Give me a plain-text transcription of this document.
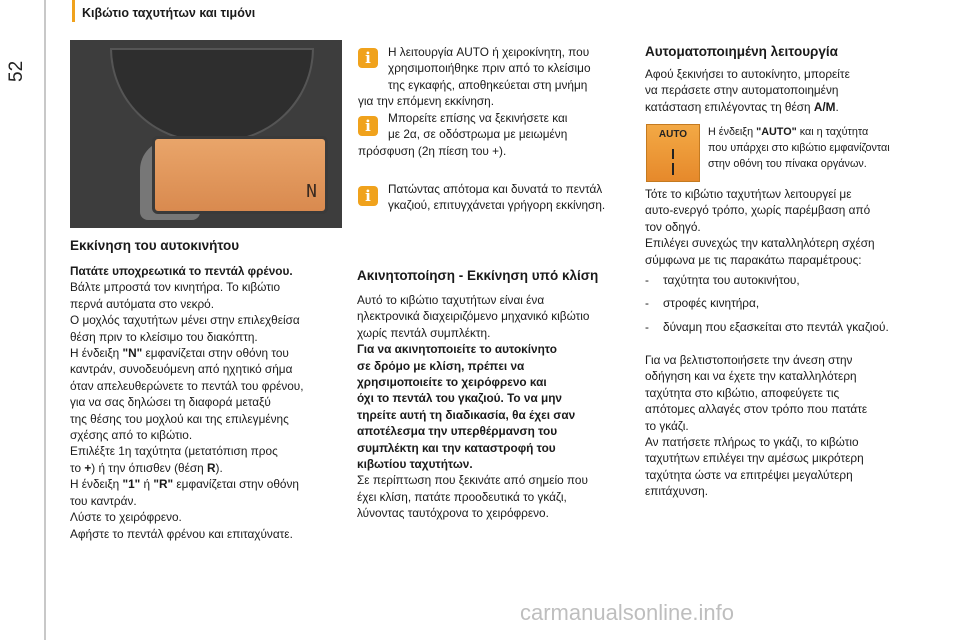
52
Κιβώτιο ταχυτήτων και τιμόνι
N
Εκκίνηση του αυτοκινήτου
Πατάτε υποχρεωτικά το πεντάλ φρένου.
Βάλτε μπροστά τον κινητήρα. Το κιβώτιο
περνά αυτόματα στο νεκρό.
Ο μοχλός ταχυτήτων μένει στην επιλεχθείσα
θέση πριν το κλείσιμο του διακόπτη.
Η ένδειξη "N" εμφανίζεται στην οθόνη του
καντράν, συνοδευόμενη από ηχητικό σήμα
όταν απελευθερώνετε το πεντάλ του φρένου,
για να σας δηλώσει τη διαφορά μεταξύ
της θέσης του μοχλού και της επιλεγμένης
σχέσης από το κιβώτιο.
Επιλέξτε 1η ταχύτητα (μετατόπιση προς
το +) ή την όπισθεν (θέση R).
Η ένδειξη "1" ή "R" εμφανίζεται στην οθόνη
του καντράν.
Λύστε το χειρόφρενο.
Αφήστε το πεντάλ φρένου και επιταχύνατε.
i	Η λειτουργία AUTO ή χειροκίνητη, που
χρησιμοποιήθηκε πριν από το κλείσιμο
της εγκαφής, αποθηκεύεται στη μνήμη
για την επόμενη εκκίνηση.
i	Μπορείτε επίσης να ξεκινήσετε και
με 2α, σε οδόστρωμα με μειωμένη
πρόσφυση (2η πίεση του +).
i	Πατώντας απότομα και δυνατά το πεντάλ
γκαζιού, επιτυγχάνεται γρήγορη εκκίνηση.
Ακινητοποίηση - Εκκίνηση υπό κλίση
Αυτό το κιβώτιο ταχυτήτων είναι ένα
ηλεκτρονικά διαχειριζόμενο μηχανικό κιβώτιο
χωρίς πεντάλ συμπλέκτη.
Για να ακινητοποιείτε το αυτοκίνητο
σε δρόμο με κλίση, πρέπει να
χρησιμοποιείτε το χειρόφρενο και
όχι το πεντάλ του γκαζιού. Το να μην
τηρείτε αυτή τη διαδικασία, θα έχει σαν
αποτέλεσμα την υπερθέρμανση του
συμπλέκτη και την καταστροφή του
κιβωτίου ταχυτήτων.
Σε περίπτωση που ξεκινάτε από σημείο που
έχει κλίση, πατάτε προοδευτικά το γκάζι,
λύνοντας ταυτόχρονα το χειρόφρενο.
Αυτοματοποιημένη λειτουργία
Αφού ξεκινήσει το αυτοκίνητο, μπορείτε
να περάσετε στην αυτοματοποιημένη
κατάσταση επιλέγοντας τη θέση A/M.
AUTO	Η ένδειξη "AUTO" και η ταχύτητα
που υπάρχει στο κιβώτιο εμφανίζονται
στην οθόνη του πίνακα οργάνων.
Τότε το κιβώτιο ταχυτήτων λειτουργεί με
αυτο-ενεργό τρόπο, χωρίς παρέμβαση από
τον οδηγό.
Επιλέγει συνεχώς την καταλληλότερη σχέση
σύμφωνα με τις παρακάτω παραμέτρους:
- ταχύτητα του αυτοκινήτου,
- στροφές κινητήρα,
- δύναμη που εξασκείται στο πεντάλ γκαζιού.
Για να βελτιστοποιήσετε την άνεση στην
οδήγηση και να έχετε την καταλληλότερη
ταχύτητα στο κιβώτιο, αποφεύγετε τις
απότομες αλλαγές στον τρόπο που πατάτε
το γκάζι.
Αν πατήσετε πλήρως το γκάζι, το κιβώτιο
ταχυτήτων επιλέγει την αμέσως μικρότερη
ταχύτητα ώστε να επιτρέψει μεγαλύτερη
επιτάχυνση.
carmanualsonline.info
